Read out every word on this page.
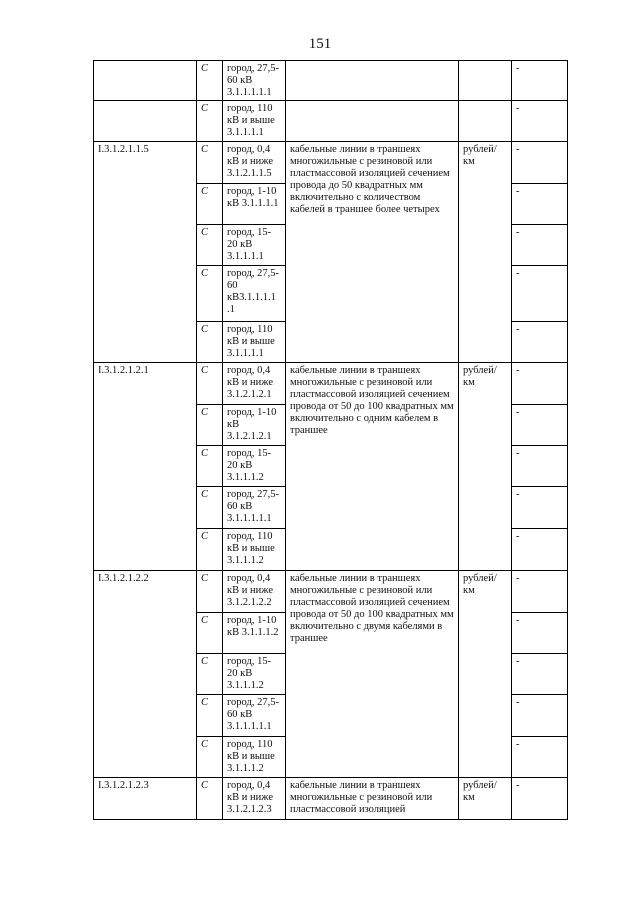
151
	С	город, 27,5-60 кВ 3.1.1.1.1.1			-
	С	город, 110 кВ и выше 3.1.1.1.1			-
I.3.1.2.1.1.5	С	город, 0,4 кВ и ниже 3.1.2.1.1.5	кабельные линии в траншеях многожильные с резиновой или пластмассовой изоляцией сечением провода до 50 квадратных мм включительно с количеством кабелей в траншее более четырех	рублей/ км	-
	С	город, 1-10 кВ 3.1.1.1.1			-
	С	город, 15-20 кВ 3.1.1.1.1			-
	С	город, 27,5-60 кВ3.1.1.1.1 .1			-
	С	город, 110 кВ и выше 3.1.1.1.1			-
I.3.1.2.1.2.1	С	город, 0,4 кВ и ниже 3.1.2.1.2.1	кабельные линии в траншеях многожильные с резиновой или пластмассовой изоляцией сечением провода от 50 до 100 квадратных мм включительно с одним кабелем в траншее	рублей/ км	-
	С	город, 1-10 кВ 3.1.2.1.2.1			-
	С	город, 15-20 кВ 3.1.1.1.2			-
	С	город, 27,5-60 кВ 3.1.1.1.1.1			-
	С	город, 110 кВ и выше 3.1.1.1.2			-
I.3.1.2.1.2.2	С	город, 0,4 кВ и ниже 3.1.2.1.2.2	кабельные линии в траншеях многожильные с резиновой или пластмассовой изоляцией сечением провода от 50 до 100 квадратных мм включительно с двумя кабелями в траншее	рублей/ км	-
	С	город, 1-10 кВ 3.1.1.1.2			-
	С	город, 15-20 кВ 3.1.1.1.2			-
	С	город, 27,5-60 кВ 3.1.1.1.1.1			-
	С	город, 110 кВ и выше 3.1.1.1.2			-
I.3.1.2.1.2.3	С	город, 0,4 кВ и ниже 3.1.2.1.2.3	кабельные линии в траншеях многожильные с резиновой или пластмассовой изоляцией	рублей/ км	-
